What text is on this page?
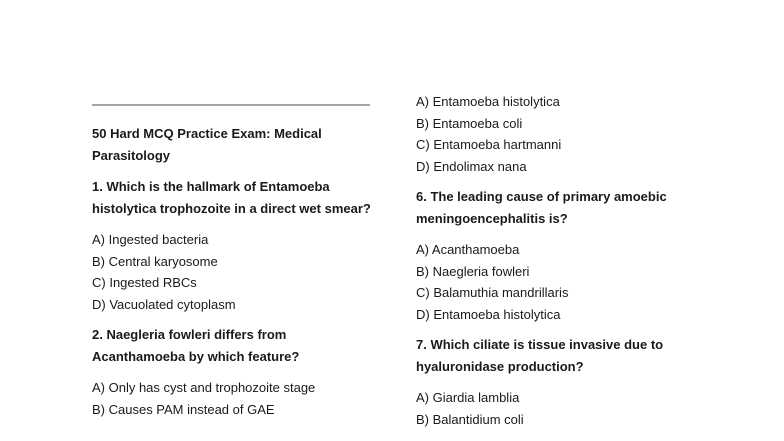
50 Hard MCQ Practice Exam: Medical Parasitology
1. Which is the hallmark of Entamoeba histolytica trophozoite in a direct wet smear?
A) Ingested bacteria
B) Central karyosome
C) Ingested RBCs
D) Vacuolated cytoplasm
2. Naegleria fowleri differs from Acanthamoeba by which feature?
A) Only has cyst and trophozoite stage
B) Causes PAM instead of GAE
A) Entamoeba histolytica
B) Entamoeba coli
C) Entamoeba hartmanni
D) Endolimax nana
6. The leading cause of primary amoebic meningoencephalitis is?
A) Acanthamoeba
B) Naegleria fowleri
C) Balamuthia mandrillaris
D) Entamoeba histolytica
7. Which ciliate is tissue invasive due to hyaluronidase production?
A) Giardia lamblia
B) Balantidium coli
